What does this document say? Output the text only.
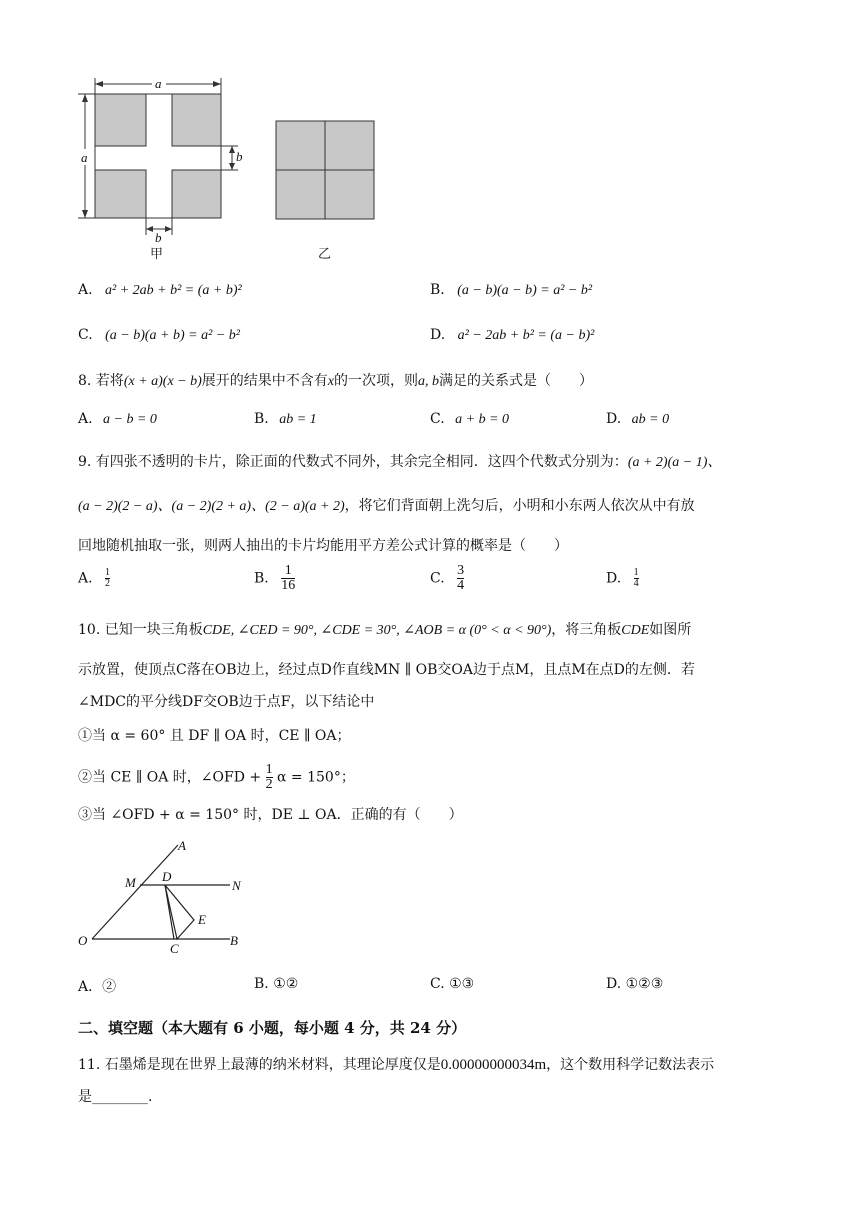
a
a	b
b
甲	乙
A. a² + 2ab + b² = (a + b)²	B. (a − b)(a − b) = a² − b²
C. (a − b)(a + b) = a² − b²	D. a² − 2ab + b² = (a − b)²
8. 若将(x + a)(x − b)展开的结果中不含有x的一次项，则a, b满足的关系式是（　　）
A. a − b = 0	B. ab = 1	C. a + b = 0	D. ab = 0
9. 有四张不透明的卡片，除正面的代数式不同外，其余完全相同．这四个代数式分别为：(a + 2)(a − 1)、
(a − 2)(2 − a)、(a − 2)(2 + a)、(2 − a)(a + 2)，将它们背面朝上洗匀后，小明和小东两人依次从中有放
回地随机抽取一张，则两人抽出的卡片均能用平方差公式计算的概率是（　　）
A. $\frac{1}{2}$	B. $\frac{1}{16}$	C. $\frac{3}{4}$	D. $\frac{1}{4}$
10. 已知一块三角板CDE, ∠CED = 90°, ∠CDE = 30°, ∠AOB = α (0° < α < 90°)，将三角板CDE如图所
示放置，使顶点C落在OB边上，经过点D作直线MN ∥ OB交OA边于点M，且点M在点D的左侧．若
∠MDC的平分线DF交OB边于点F，以下结论中
①当 α = 60° 且 DF ∥ OA 时，CE ∥ OA；
②当 CE ∥ OA 时，∠OFD + $\frac{1}{2}$ α = 150°；
③当 ∠OFD + α = 150° 时，DE ⊥ OA．正确的有（　　）
A
M D
N
E
O
C
B
A．②	B. ①②	C. ①③	D. ①②③
二、填空题（本大题有 6 小题，每小题 4 分，共 24 分）
11. 石墨烯是现在世界上最薄的纳米材料，其理论厚度仅是0.00000000034m，这个数用科学记数法表示
是________.
